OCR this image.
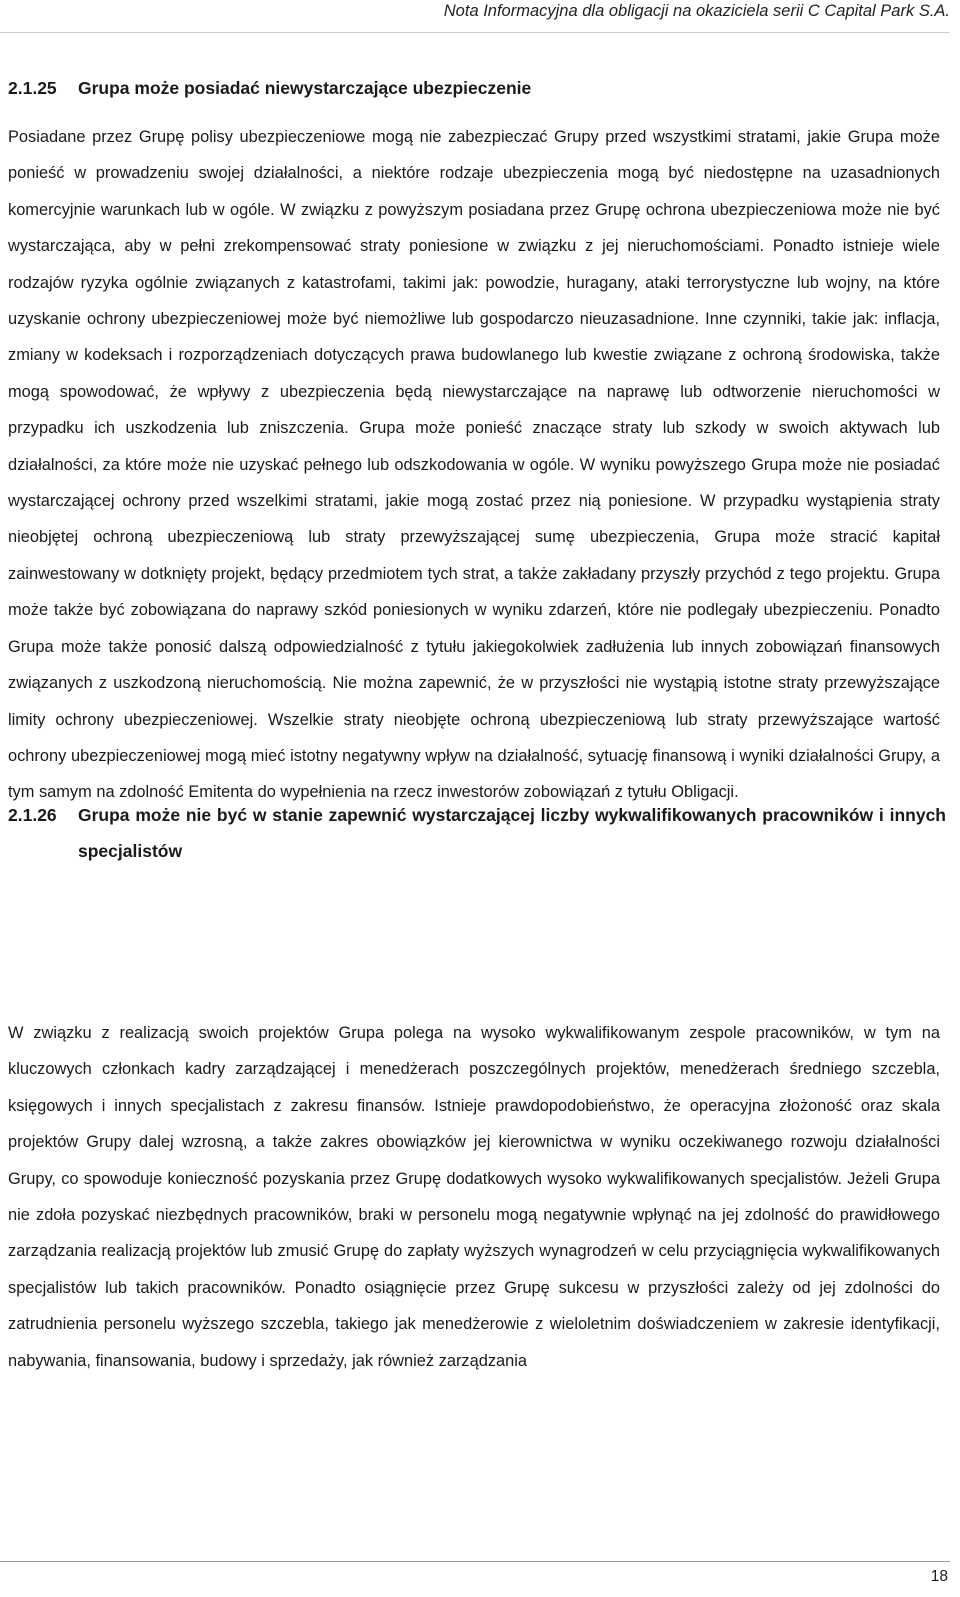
Nota Informacyjna dla obligacji na okaziciela serii C Capital Park S.A.
2.1.25	Grupa może posiadać niewystarczające ubezpieczenie

Posiadane przez Grupę polisy ubezpieczeniowe mogą nie zabezpieczać Grupy przed wszystkimi stratami, jakie Grupa może ponieść w prowadzeniu swojej działalności, a niektóre rodzaje ubezpieczenia mogą być niedostępne na uzasadnionych komercyjnie warunkach lub w ogóle. W związku z powyższym posiadana przez Grupę ochrona ubezpieczeniowa może nie być wystarczająca, aby w pełni zrekompensować straty poniesione w związku z jej nieruchomościami. Ponadto istnieje wiele rodzajów ryzyka ogólnie związanych z katastrofami, takimi jak: powodzie, huragany, ataki terrorystyczne lub wojny, na które uzyskanie ochrony ubezpieczeniowej może być niemożliwe lub gospodarczo nieuzasadnione. Inne czynniki, takie jak: inflacja, zmiany w kodeksach i rozporządzeniach dotyczących prawa budowlanego lub kwestie związane z ochroną środowiska, także mogą spowodować, że wpływy z ubezpieczenia będą niewystarczające na naprawę lub odtworzenie nieruchomości w przypadku ich uszkodzenia lub zniszczenia. Grupa może ponieść znaczące straty lub szkody w swoich aktywach lub działalności, za które może nie uzyskać pełnego lub odszkodowania w ogóle. W wyniku powyższego Grupa może nie posiadać wystarczającej ochrony przed wszelkimi stratami, jakie mogą zostać przez nią poniesione. W przypadku wystąpienia straty nieobjętej ochroną ubezpieczeniową lub straty przewyższającej sumę ubezpieczenia, Grupa może stracić kapitał zainwestowany w dotknięty projekt, będący przedmiotem tych strat, a także zakładany przyszły przychód z tego projektu. Grupa może także być zobowiązana do naprawy szkód poniesionych w wyniku zdarzeń, które nie podlegały ubezpieczeniu. Ponadto Grupa może także ponosić dalszą odpowiedzialność z tytułu jakiegokolwiek zadłużenia lub innych zobowiązań finansowych związanych z uszkodzoną nieruchomością. Nie można zapewnić, że w przyszłości nie wystąpią istotne straty przewyższające limity ochrony ubezpieczeniowej. Wszelkie straty nieobjęte ochroną ubezpieczeniową lub straty przewyższające wartość ochrony ubezpieczeniowej mogą mieć istotny negatywny wpływ na działalność, sytuację finansową i wyniki działalności Grupy, a tym samym na zdolność Emitenta do wypełnienia na rzecz inwestorów zobowiązań z tytułu Obligacji.

2.1.26	Grupa może nie być w stanie zapewnić wystarczającej liczby wykwalifikowanych pracowników i innych specjalistów

W związku z realizacją swoich projektów Grupa polega na wysoko wykwalifikowanym zespole pracowników, w tym na kluczowych członkach kadry zarządzającej i menedżerach poszczególnych projektów, menedżerach średniego szczebla, księgowych i innych specjalistach z zakresu finansów. Istnieje prawdopodobieństwo, że operacyjna złożoność oraz skala projektów Grupy dalej wzrosną, a także zakres obowiązków jej kierownictwa w wyniku oczekiwanego rozwoju działalności Grupy, co spowoduje konieczność pozyskania przez Grupę dodatkowych wysoko wykwalifikowanych specjalistów. Jeżeli Grupa nie zdoła pozyskać niezbędnych pracowników, braki w personelu mogą negatywnie wpłynąć na jej zdolność do prawidłowego zarządzania realizacją projektów lub zmusić Grupę do zapłaty wyższych wynagrodzeń w celu przyciągnięcia wykwalifikowanych specjalistów lub takich pracowników. Ponadto osiągnięcie przez Grupę sukcesu w przyszłości zależy od jej zdolności do zatrudnienia personelu wyższego szczebla, takiego jak menedżerowie z wieloletnim doświadczeniem w zakresie identyfikacji, nabywania, finansowania, budowy i sprzedaży, jak również zarządzania

18
